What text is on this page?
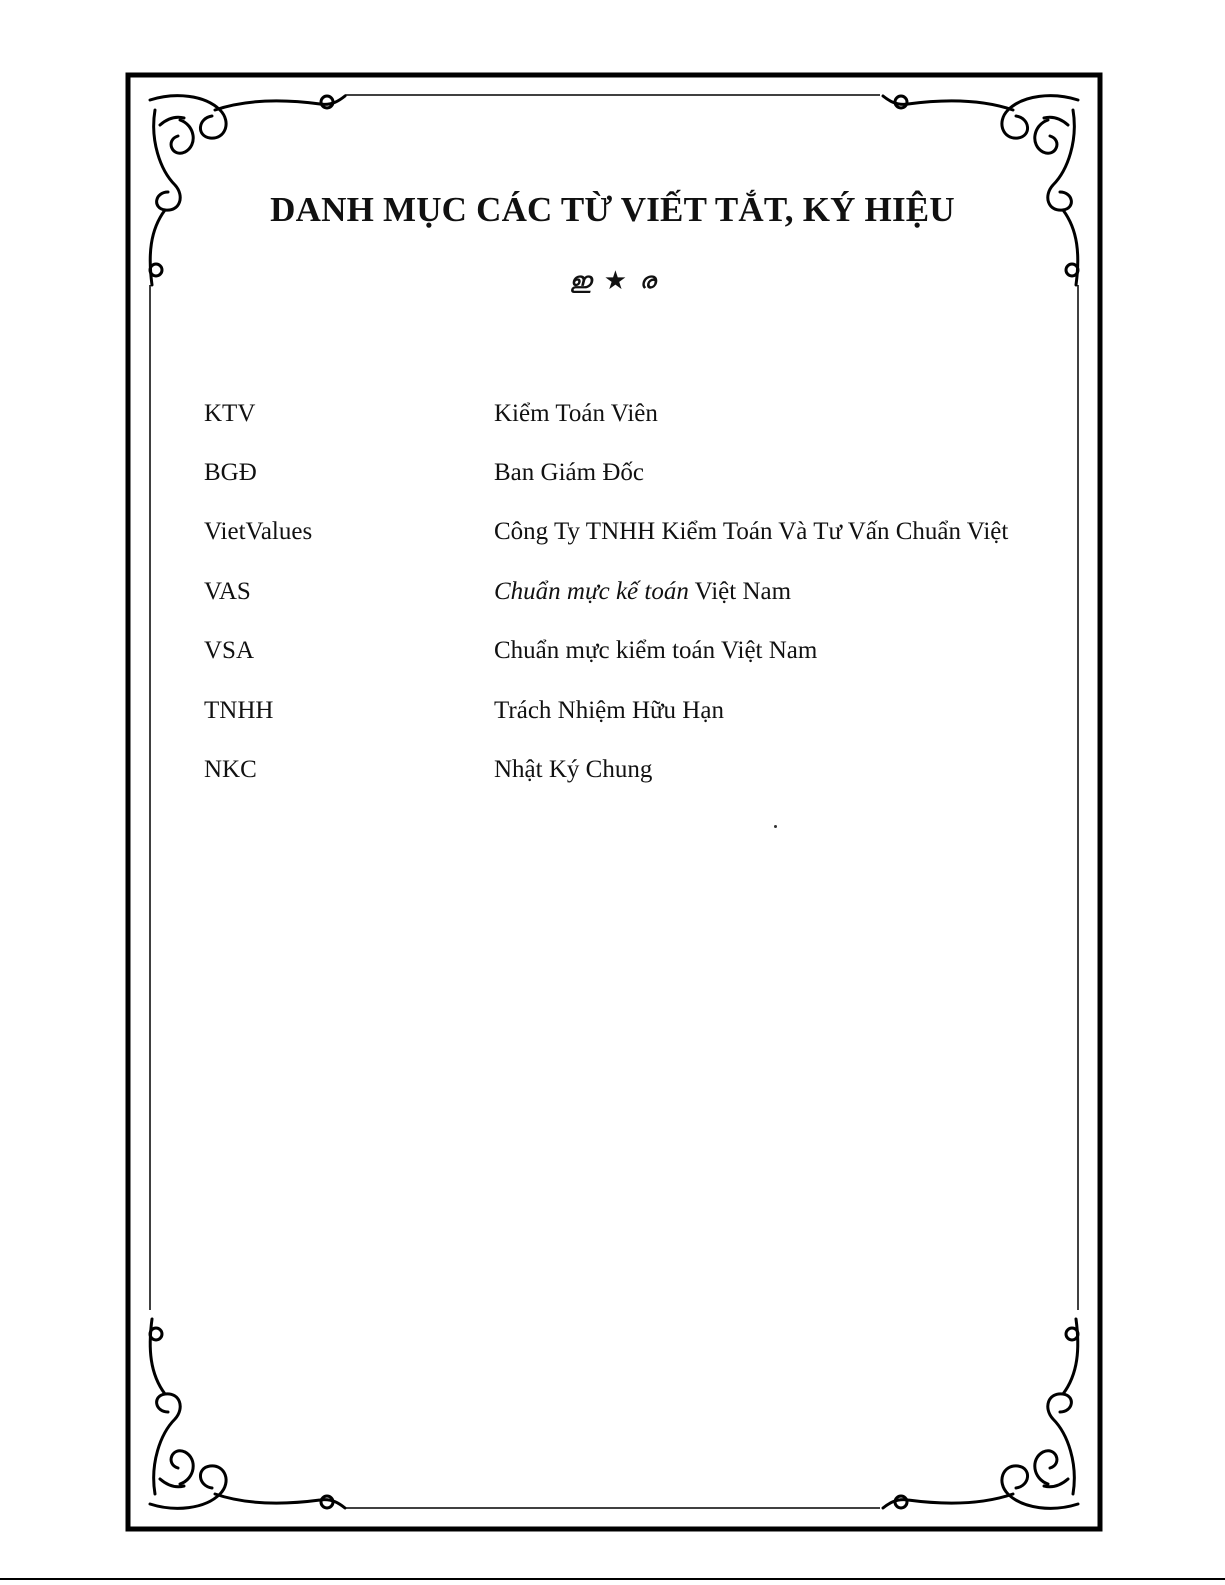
DANH MỤC CÁC TỪ VIẾT TẮT, KÝ HIỆU
ഇ ★ ര
KTV	Kiểm Toán Viên
BGĐ	Ban Giám Đốc
VietValues	Công Ty TNHH Kiểm Toán Và Tư Vấn Chuẩn Việt
VAS	Chuẩn mực kế toán Việt Nam
VSA	Chuẩn mực kiểm toán Việt Nam
TNHH	Trách Nhiệm Hữu Hạn
NKC	Nhật Ký Chung
